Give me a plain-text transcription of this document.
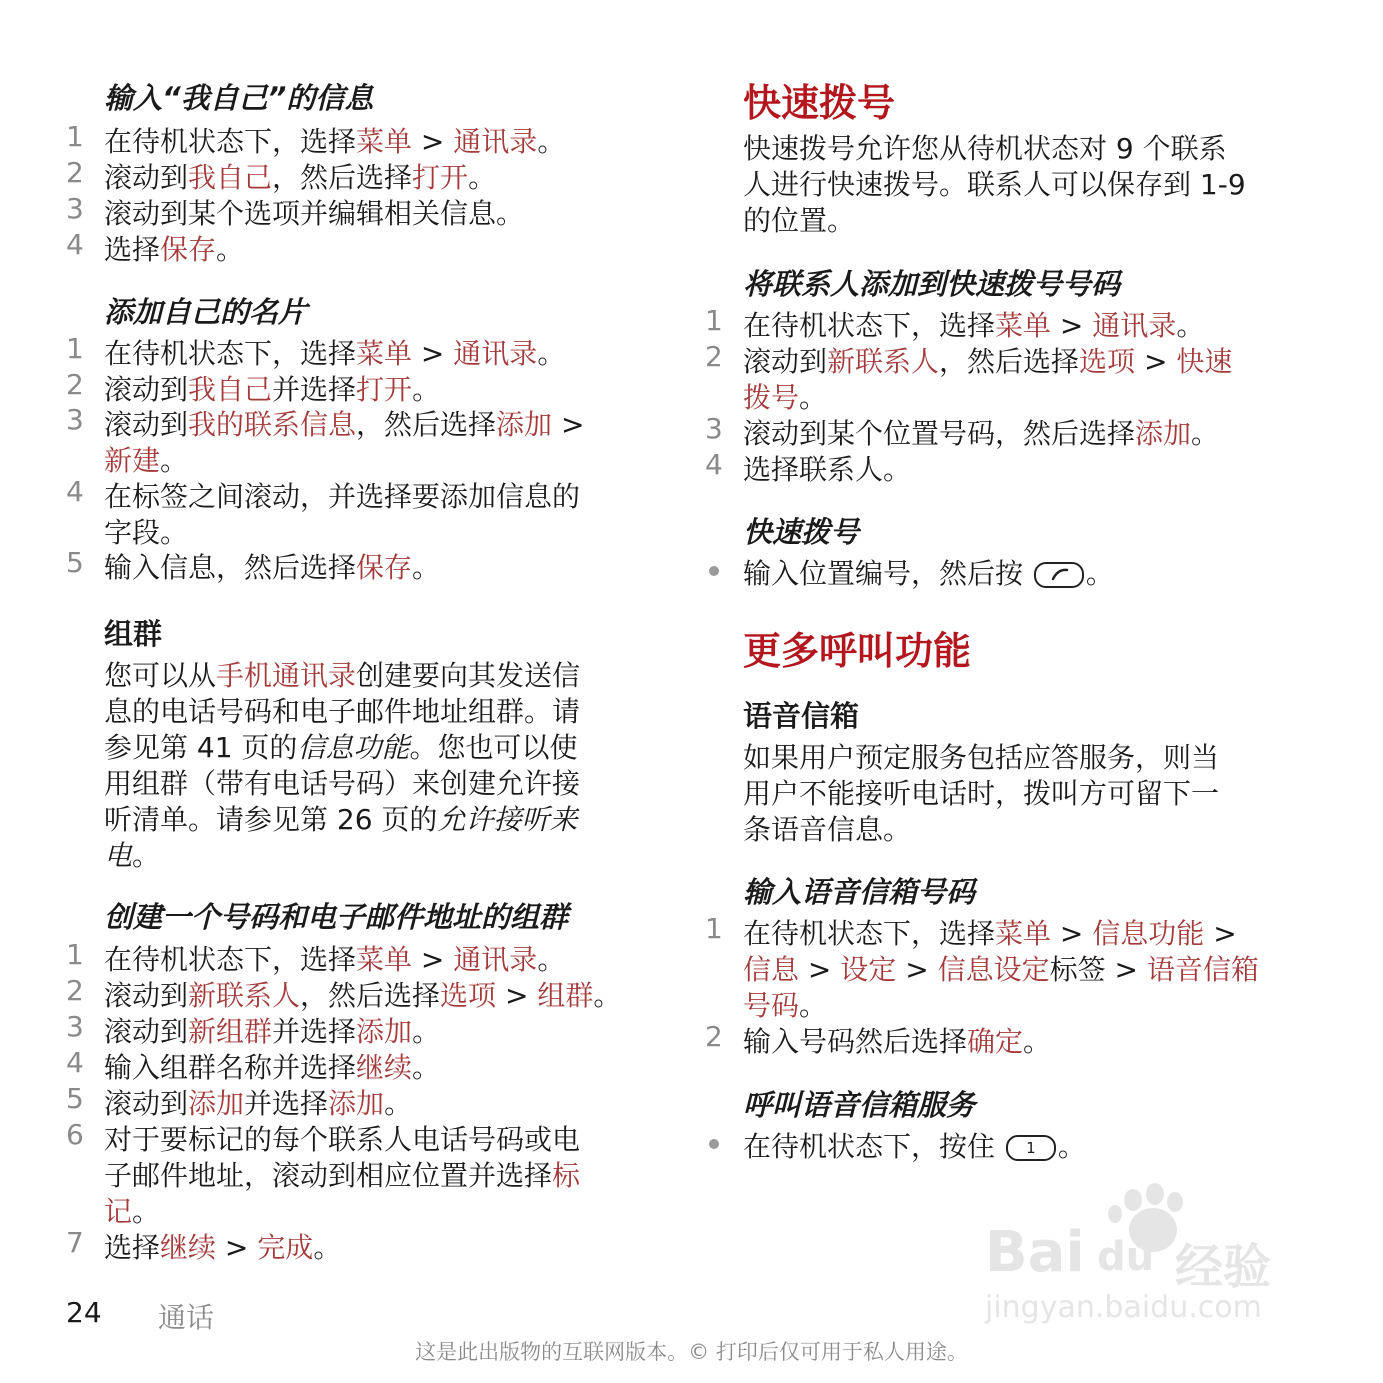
输入“我自己”的信息
1 在待机状态下，选择菜单 > 通讯录。
2 滚动到我自己，然后选择打开。
3 滚动到某个选项并编辑相关信息。
4 选择保存。
添加自己的名片
1 在待机状态下，选择菜单 > 通讯录。
2 滚动到我自己并选择打开。
3 滚动到我的联系信息，然后选择添加 >
新建。
4 在标签之间滚动，并选择要添加信息的
字段。
5 输入信息，然后选择保存。
组群
您可以从手机通讯录创建要向其发送信
息的电话号码和电子邮件地址组群。请
参见第 41 页的信息功能。您也可以使
用组群（带有电话号码）来创建允许接
听清单。请参见第 26 页的允许接听来
电。
创建一个号码和电子邮件地址的组群
1 在待机状态下，选择菜单 > 通讯录。
2 滚动到新联系人，然后选择选项 > 组群。
3 滚动到新组群并选择添加。
4 输入组群名称并选择继续。
5 滚动到添加并选择添加。
6 对于要标记的每个联系人电话号码或电
子邮件地址，滚动到相应位置并选择标
记。
7 选择继续 > 完成。
快速拨号
快速拨号允许您从待机状态对 9 个联系
人进行快速拨号。联系人可以保存到 1-9
的位置。
将联系人添加到快速拨号号码
1 在待机状态下，选择菜单 > 通讯录。
2 滚动到新联系人，然后选择选项 > 快速
拨号。
3 滚动到某个位置号码，然后选择添加。
4 选择联系人。
快速拨号
输入位置编号，然后按
。
更多呼叫功能
语音信箱
如果用户预定服务包括应答服务，则当
用户不能接听电话时，拨叫方可留下一
条语音信息。
输入语音信箱号码
1 在待机状态下，选择菜单 > 信息功能 >
信息 > 设定 > 信息设定标签 > 语音信箱
号码。
2 输入号码然后选择确定。
呼叫语音信箱服务
在待机状态下，按住	1 。
24 通话
这是此出版物的互联网版本。© 打印后仅可用于私人用途。
Bai du 经验
jingyan.baidu.com
